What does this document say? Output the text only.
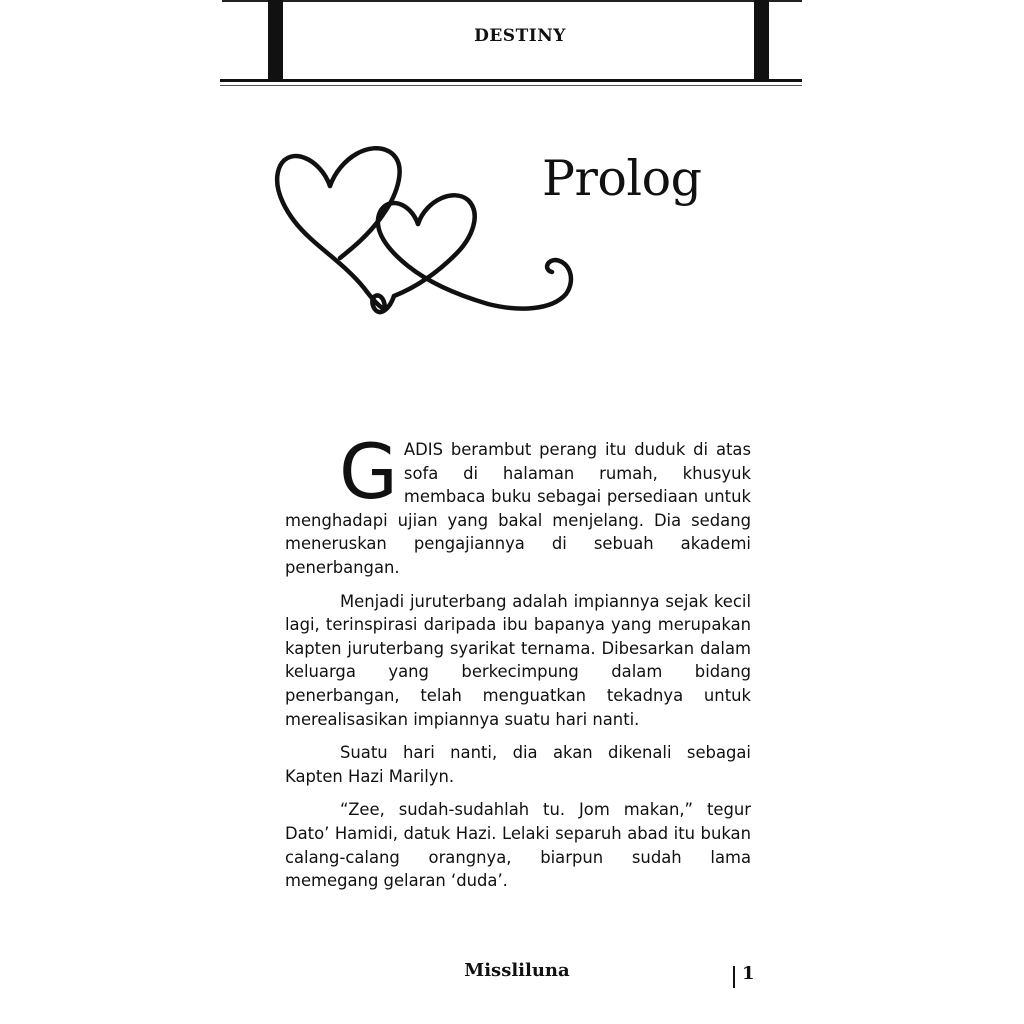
DESTINY
Prolog

GADIS berambut perang itu duduk di atas sofa di halaman rumah, khusyuk membaca buku sebagai persediaan untuk menghadapi ujian yang bakal menjelang. Dia sedang meneruskan pengajiannya di sebuah akademi penerbangan.

Menjadi juruterbang adalah impiannya sejak kecil lagi, terinspirasi daripada ibu bapanya yang merupakan kapten juruterbang syarikat ternama. Dibesarkan dalam keluarga yang berkecimpung dalam bidang penerbangan, telah menguatkan tekadnya untuk merealisasikan impiannya suatu hari nanti.

Suatu hari nanti, dia akan dikenali sebagai Kapten Hazi Marilyn.

“Zee, sudah-sudahlah tu. Jom makan,” tegur Dato’ Hamidi, datuk Hazi. Lelaki separuh abad itu bukan calang-calang orangnya, biarpun sudah lama memegang gelaran ‘duda’.

Missliluna	1
